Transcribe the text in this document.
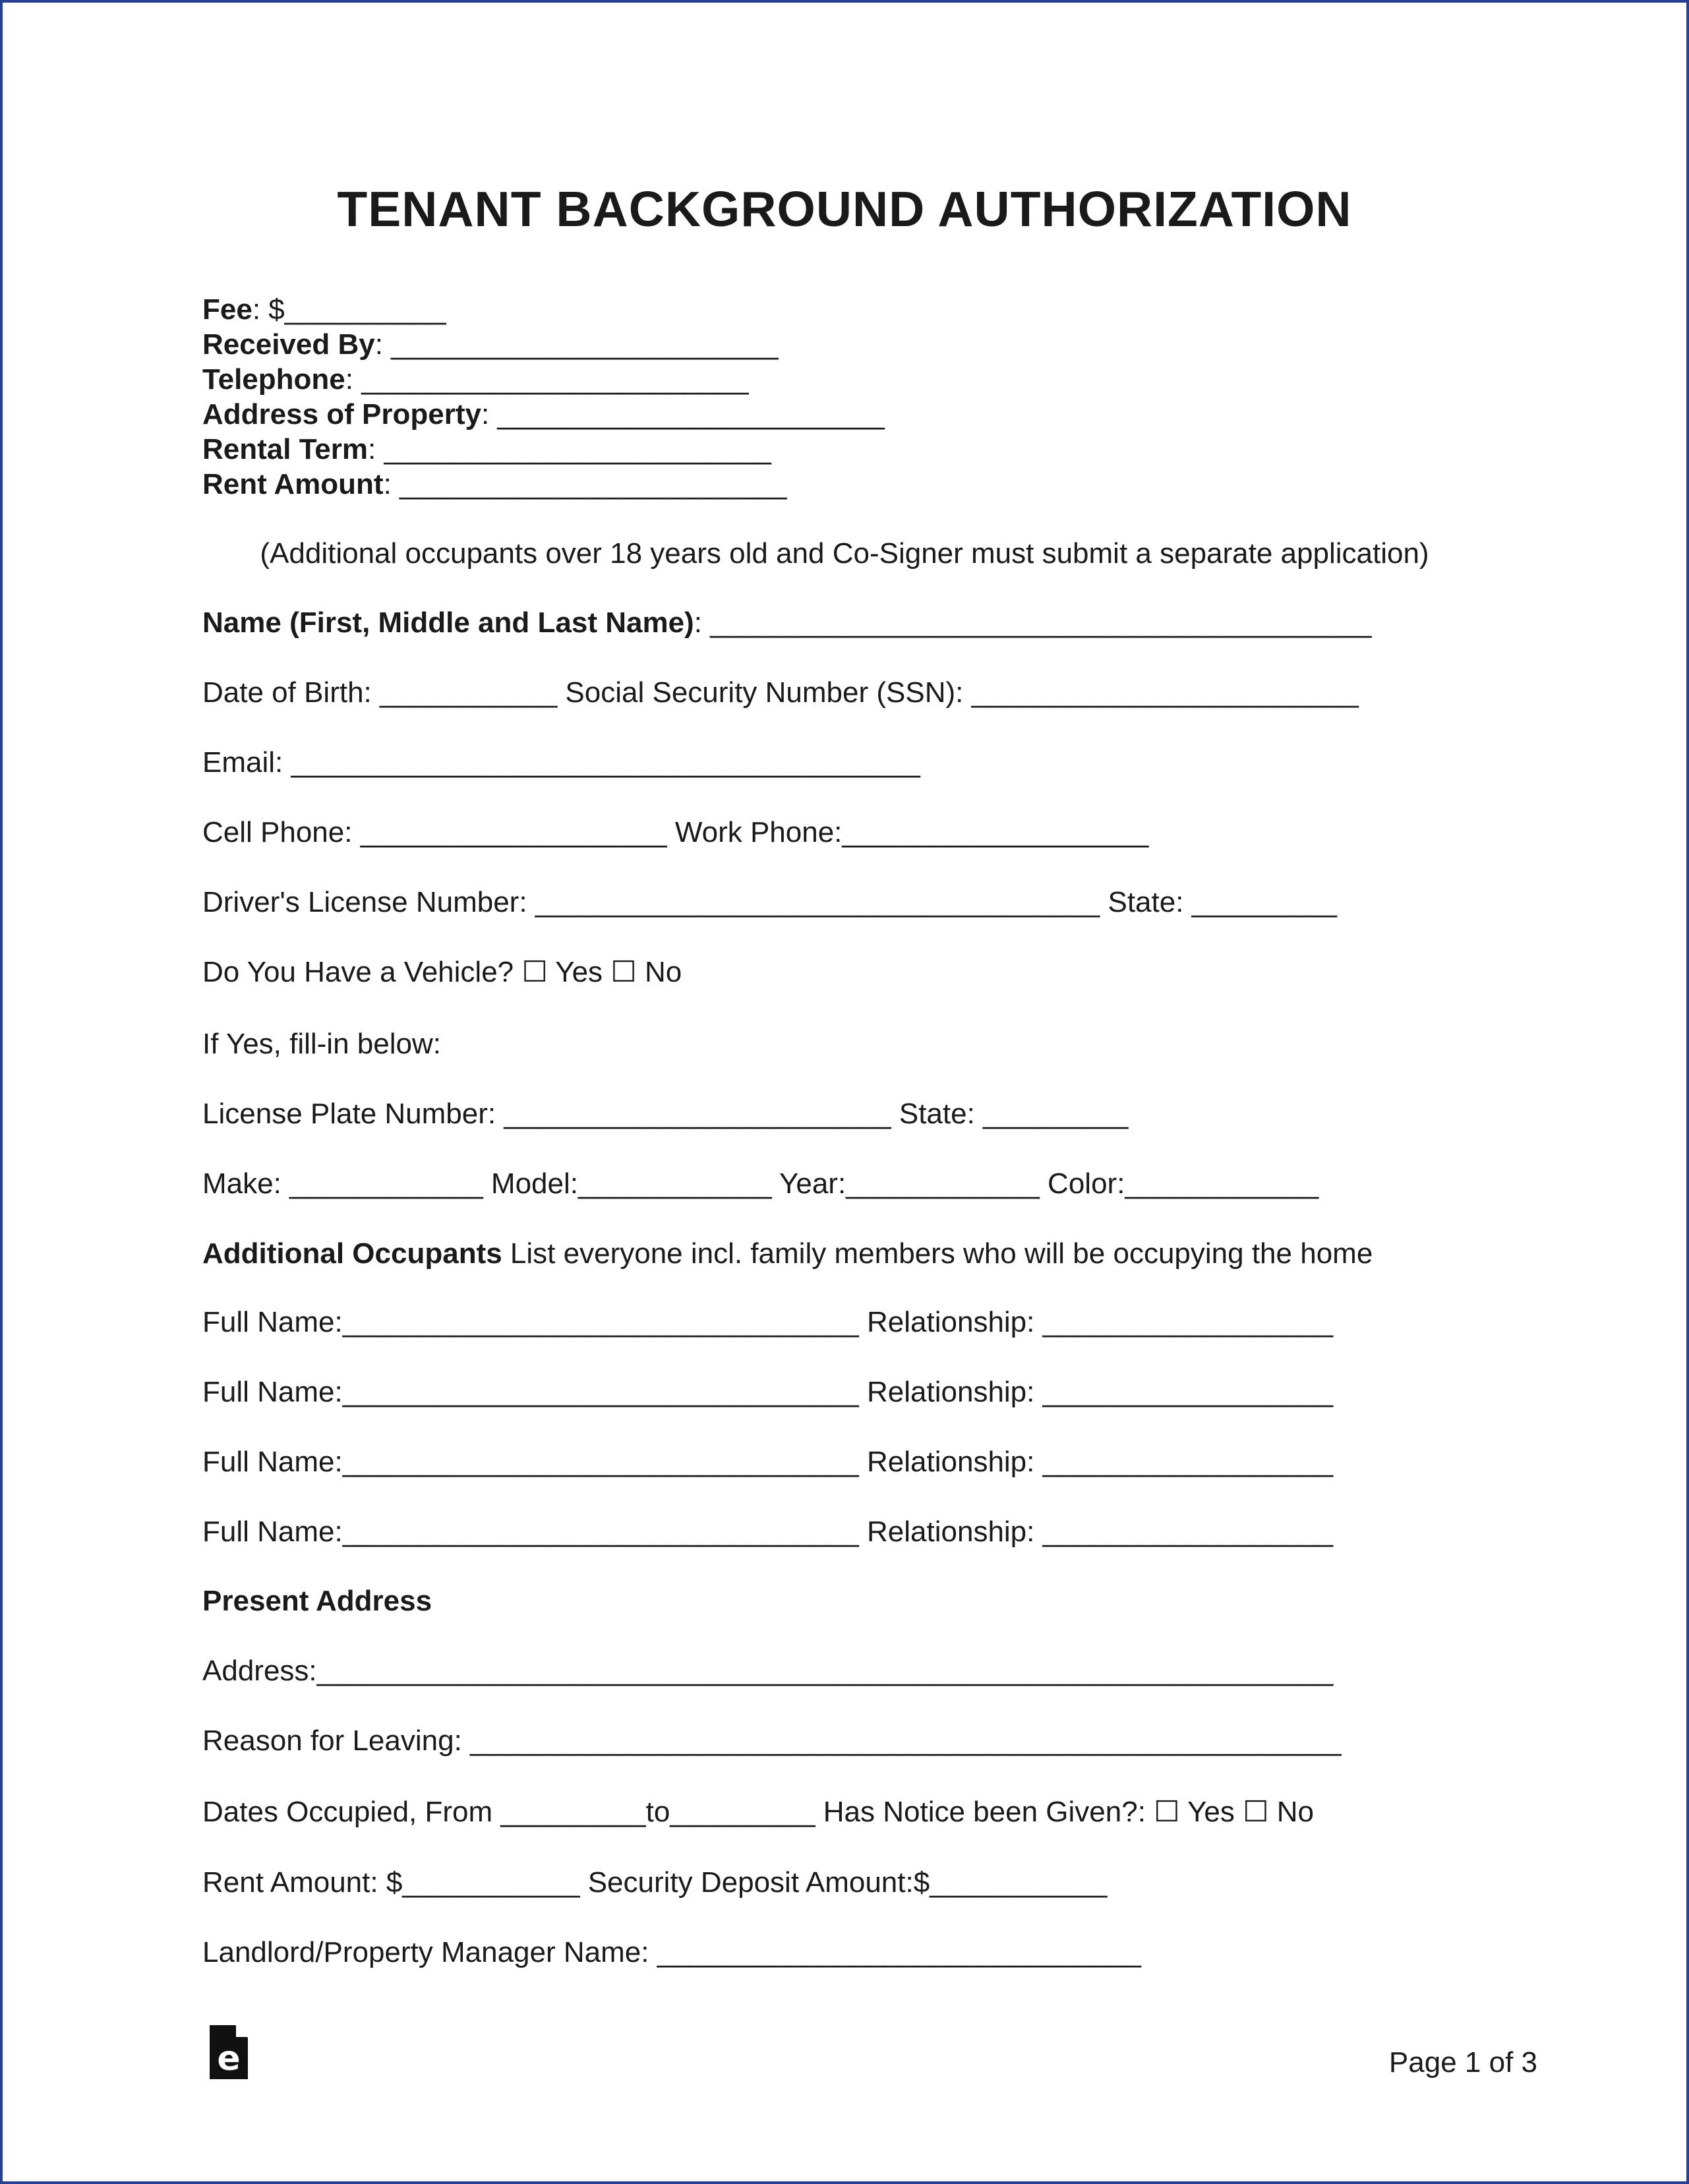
TENANT BACKGROUND AUTHORIZATION
Fee: $__________
Received By: ________________________
Telephone: ________________________
Address of Property: ________________________
Rental Term: ________________________
Rent Amount: ________________________
(Additional occupants over 18 years old and Co-Signer must submit a separate application)
Name (First, Middle and Last Name): _________________________________________
Date of Birth: ___________ Social Security Number (SSN): ________________________
Email: _______________________________________
Cell Phone: ___________________ Work Phone:___________________
Driver's License Number: ___________________________________ State: _________
Do You Have a Vehicle? ☐ Yes ☐ No
If Yes, fill-in below:
License Plate Number: ________________________ State: _________
Make: ____________ Model:____________ Year:____________ Color:____________
Additional Occupants List everyone incl. family members who will be occupying the home
Full Name:________________________________ Relationship: __________________
Full Name:________________________________ Relationship: __________________
Full Name:________________________________ Relationship: __________________
Full Name:________________________________ Relationship: __________________
Present Address
Address:_______________________________________________________________
Reason for Leaving: ______________________________________________________
Dates Occupied, From _________to_________ Has Notice been Given?: ☐ Yes ☐ No
Rent Amount: $___________ Security Deposit Amount:$___________
Landlord/Property Manager Name: ______________________________
e	Page 1 of 3
